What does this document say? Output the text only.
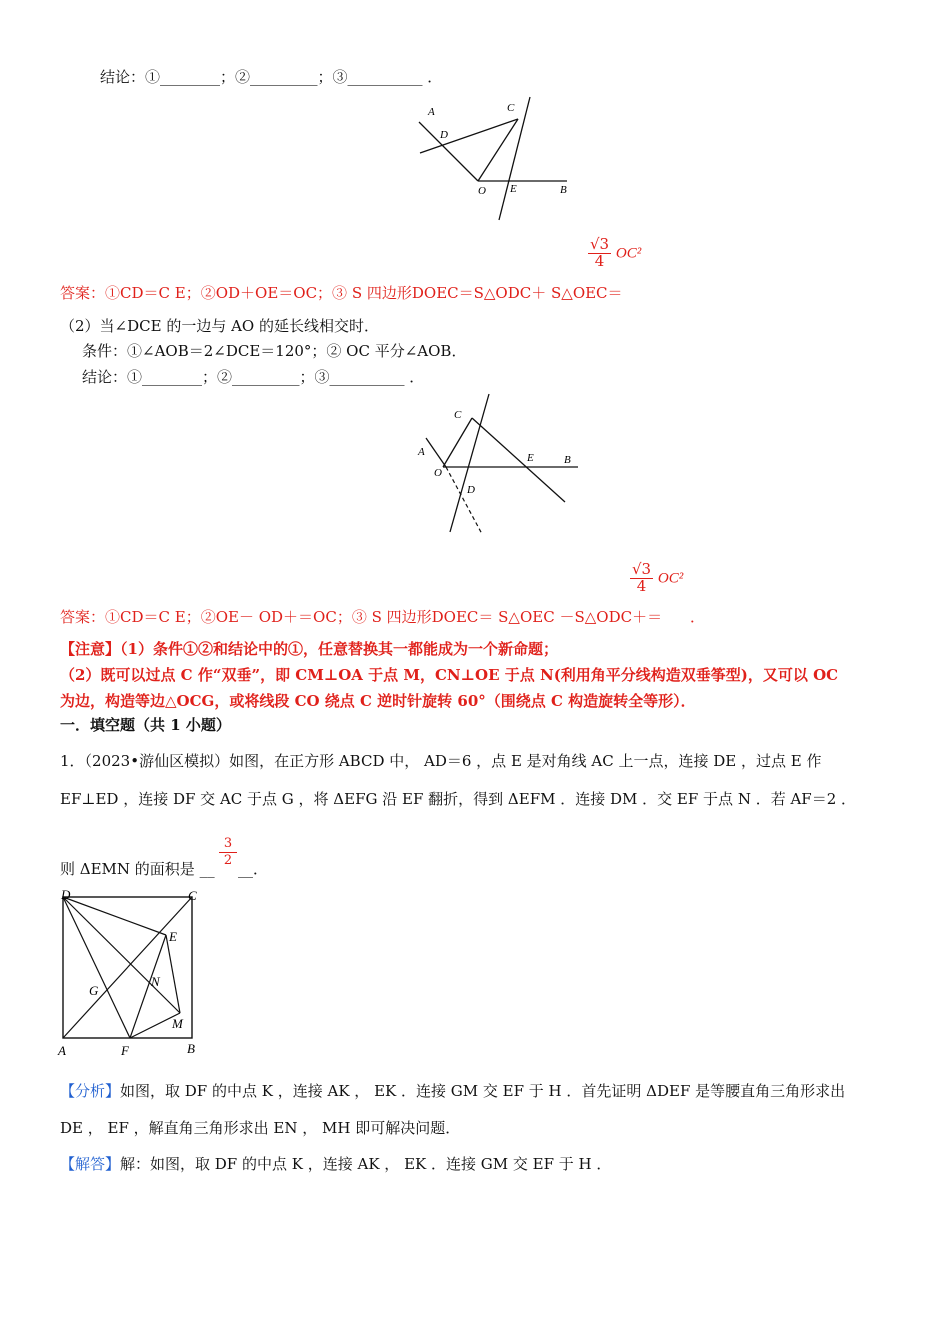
结论：①________；②_________；③__________ ．
A	C
D
O E	B
$\frac{√3}{4} OC^2$
答案：①CD＝C E；②OD＋OE＝OC；③ S 四边形DOEC＝S△ODC＋ S△OEC＝
（2）当∠DCE 的一边与 AO 的延长线相交时．
条件：①∠AOB＝2∠DCE＝120°；② OC 平分∠AOB．
结论：①________；②_________；③__________ ．
C
A	E	B
O
D
$\frac{√3}{4} OC^2$
答案：①CD＝C E；②OE－ OD＋＝OC；③ S 四边形DOEC＝ S△OEC －S△ODC＋＝ ．
【注意】（1）条件①②和结论中的①，任意替换其一都能成为一个新命题；
（2）既可以过点 C 作“双垂”，即 CM⊥OA 于点 M，CN⊥OE 于点 N(利用角平分线构造双垂筝型)，又可以 OC
为边，构造等边△OCG，或将线段 CO 绕点 C 逆时针旋转 60°（围绕点 C 构造旋转全等形）．
一．填空题（共 1 小题）
1．（2023•游仙区模拟）如图，在正方形 ABCD 中， AD＝6 ，点 E 是对角线 AC 上一点，连接 DE ，过点 E 作
EF⊥ED ，连接 DF 交 AC 于点 G ，将 ΔEFG 沿 EF 翻折，得到 ΔEFM ．连接 DM ．交 EF 于点 N ．若 AF＝2 ．
则 ΔEMN 的面积是 __
3
2 __．
D	C
E
G
N
M
A	F	B
【分析】如图，取 DF 的中点 K ，连接 AK ， EK ．连接 GM 交 EF 于 H ．首先证明 ΔDEF 是等腰直角三角形求出
DE ， EF ，解直角三角形求出 EN ， MH 即可解决问题．
【解答】解：如图，取 DF 的中点 K ，连接 AK ， EK ．连接 GM 交 EF 于 H ．
